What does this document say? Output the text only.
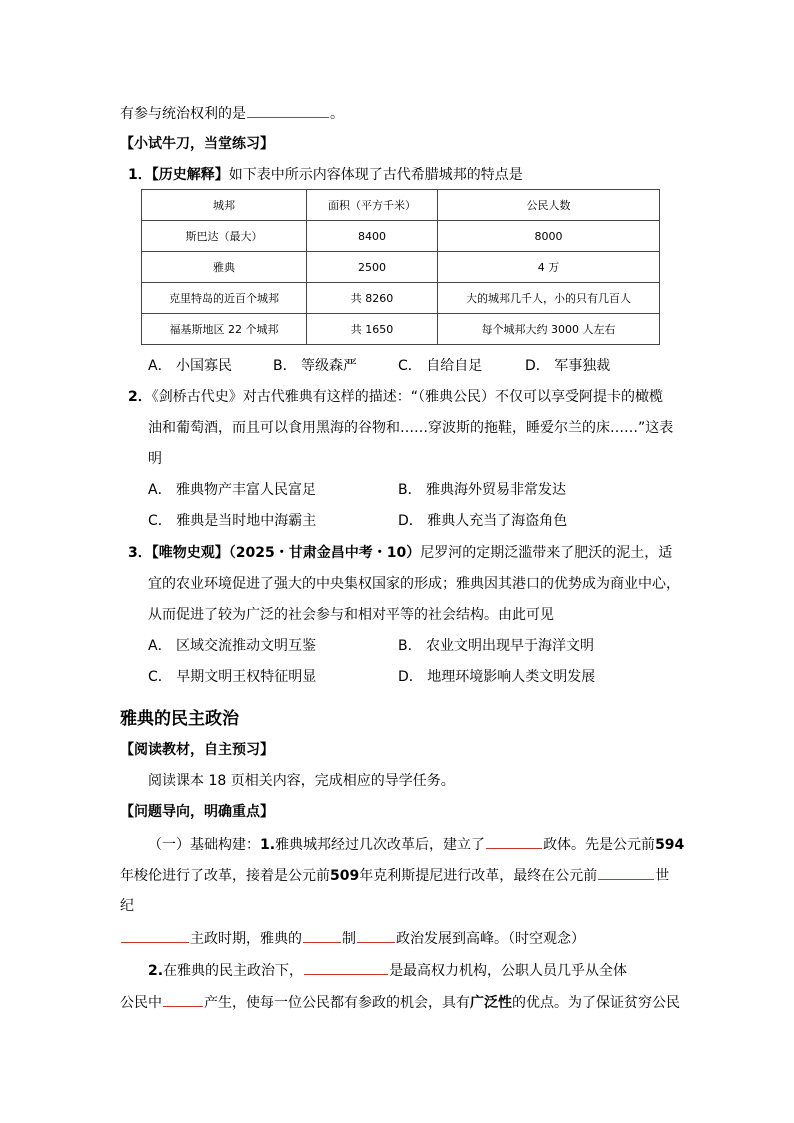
有参与统治权利的是	。
【小试牛刀，当堂练习】
1．【历史解释】如下表中所示内容体现了古代希腊城邦的特点是
城邦	面积（平方千米）	公民人数
斯巴达（最大）	8400	8000
雅典	2500	4 万
克里特岛的近百个城邦	共 8260	大的城邦几千人，小的只有几百人
福基斯地区 22 个城邦	共 1650	每个城邦大约 3000 人左右
A． 小国寡民	B． 等级森严	C． 自给自足	D． 军事独裁
2．《剑桥古代史》对古代雅典有这样的描述：“（雅典公民）不仅可以享受阿提卡的橄榄
油和葡萄酒，而且可以食用黑海的谷物和……穿波斯的拖鞋，睡爱尔兰的床……”这表
明
A． 雅典物产丰富人民富足	B． 雅典海外贸易非常发达
C． 雅典是当时地中海霸主	D． 雅典人充当了海盗角色
3．【唯物史观】（2025・甘肃金昌中考・10）尼罗河的定期泛滥带来了肥沃的泥土，适
宜的农业环境促进了强大的中央集权国家的形成；雅典因其港口的优势成为商业中心，
从而促进了较为广泛的社会参与和相对平等的社会结构。由此可见
A． 区域交流推动文明互鉴	B． 农业文明出现早于海洋文明
C． 早期文明王权特征明显	D． 地理环境影响人类文明发展
雅典的民主政治
【阅读教材，自主预习】
阅读课本 18 页相关内容，完成相应的导学任务。
【问题导向，明确重点】
（一）基础构建：1.雅典城邦经过几次改革后，建立了	政体。先是公元前594
年梭伦进行了改革，接着是公元前509年克利斯提尼进行改革，最终在公元前	世
纪
主政时期，雅典的	制	政治发展到高峰。（时空观念）
2.在雅典的民主政治下，	是最高权力机构，公职人员几乎从全体
公民中	产生，使每一位公民都有参政的机会，具有广泛性的优点。为了保证贫穷公民
